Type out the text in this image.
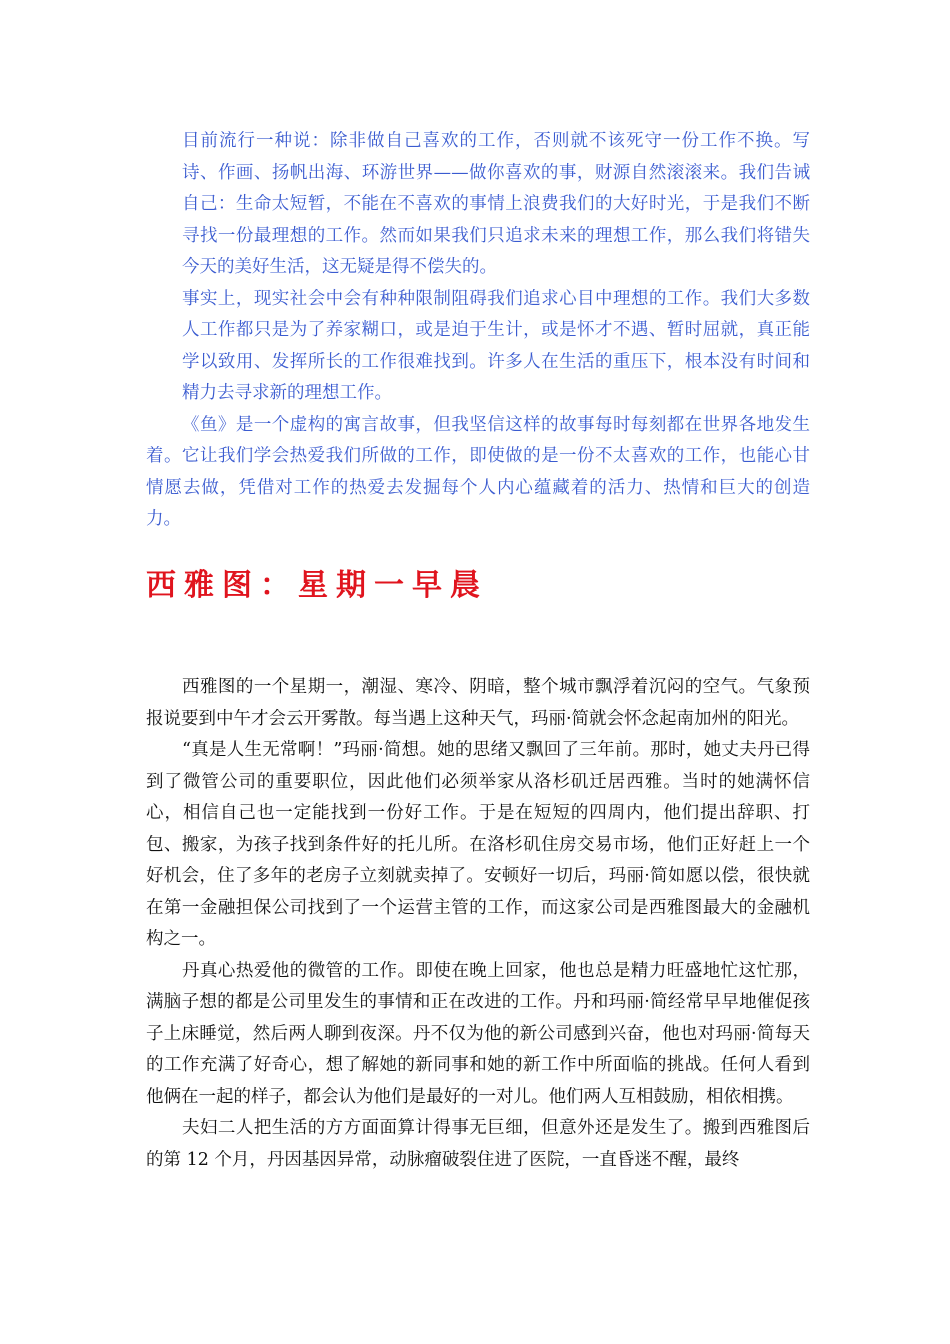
目前流行一种说：除非做自己喜欢的工作，否则就不该死守一份工作不换。写诗、作画、扬帆出海、环游世界——做你喜欢的事，财源自然滚滚来。我们告诫自己：生命太短暂，不能在不喜欢的事情上浪费我们的大好时光，于是我们不断寻找一份最理想的工作。然而如果我们只追求未来的理想工作，那么我们将错失今天的美好生活，这无疑是得不偿失的。

事实上，现实社会中会有种种限制阻碍我们追求心目中理想的工作。我们大多数人工作都只是为了养家糊口，或是迫于生计，或是怀才不遇、暂时屈就，真正能学以致用、发挥所长的工作很难找到。许多人在生活的重压下，根本没有时间和精力去寻求新的理想工作。

《鱼》是一个虚构的寓言故事，但我坚信这样的故事每时每刻都在世界各地发生着。它让我们学会热爱我们所做的工作，即使做的是一份不太喜欢的工作，也能心甘情愿去做，凭借对工作的热爱去发掘每个人内心蕴藏着的活力、热情和巨大的创造力。

西雅图：星期一早晨

西雅图的一个星期一，潮湿、寒冷、阴暗，整个城市飘浮着沉闷的空气。气象预报说要到中午才会云开雾散。每当遇上这种天气，玛丽·简就会怀念起南加州的阳光。

“真是人生无常啊！”玛丽·简想。她的思绪又飘回了三年前。那时，她丈夫丹已得到了微管公司的重要职位，因此他们必须举家从洛杉矶迁居西雅。当时的她满怀信心，相信自己也一定能找到一份好工作。于是在短短的四周内，他们提出辞职、打包、搬家，为孩子找到条件好的托儿所。在洛杉矶住房交易市场，他们正好赶上一个好机会，住了多年的老房子立刻就卖掉了。安顿好一切后，玛丽·简如愿以偿，很快就在第一金融担保公司找到了一个运营主管的工作，而这家公司是西雅图最大的金融机构之一。

丹真心热爱他的微管的工作。即使在晚上回家，他也总是精力旺盛地忙这忙那，满脑子想的都是公司里发生的事情和正在改进的工作。丹和玛丽·简经常早早地催促孩子上床睡觉，然后两人聊到夜深。丹不仅为他的新公司感到兴奋，他也对玛丽·简每天的工作充满了好奇心，想了解她的新同事和她的新工作中所面临的挑战。任何人看到他俩在一起的样子，都会认为他们是最好的一对儿。他们两人互相鼓励，相依相携。

夫妇二人把生活的方方面面算计得事无巨细，但意外还是发生了。搬到西雅图后的第 12 个月，丹因基因异常，动脉瘤破裂住进了医院，一直昏迷不醒，最终
